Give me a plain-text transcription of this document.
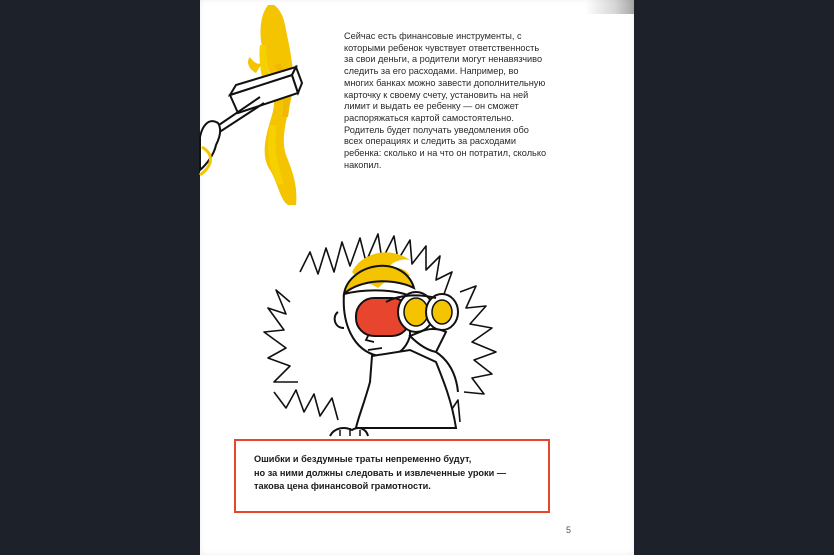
Сейчас есть финансовые инструменты, с которыми ребенок чувствует ответственность за свои деньги, а родители могут ненавязчиво следить за его расходами. Например, во многих банках можно завести дополнительную карточку к своему счету, установить на ней лимит и выдать ее ребенку — он сможет распоряжаться картой самостоятельно. Родитель будет получать уведомления обо всех операциях и следить за расходами ребенка: сколько и на что он потратил, сколько накопил.

Ошибки и бездумные траты непременно будут,
но за ними должны следовать и извлеченные уроки —
такова цена финансовой грамотности.

5
